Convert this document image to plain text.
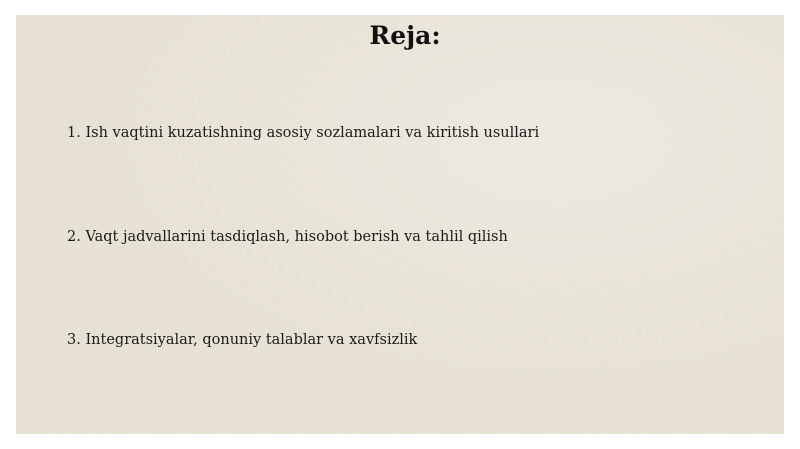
Reja:

1. Ish vaqtini kuzatishning asosiy sozlamalari va kiritish usullari

2. Vaqt jadvallarini tasdiqlash, hisobot berish va tahlil qilish

3. Integratsiyalar, qonuniy talablar va xavfsizlik
